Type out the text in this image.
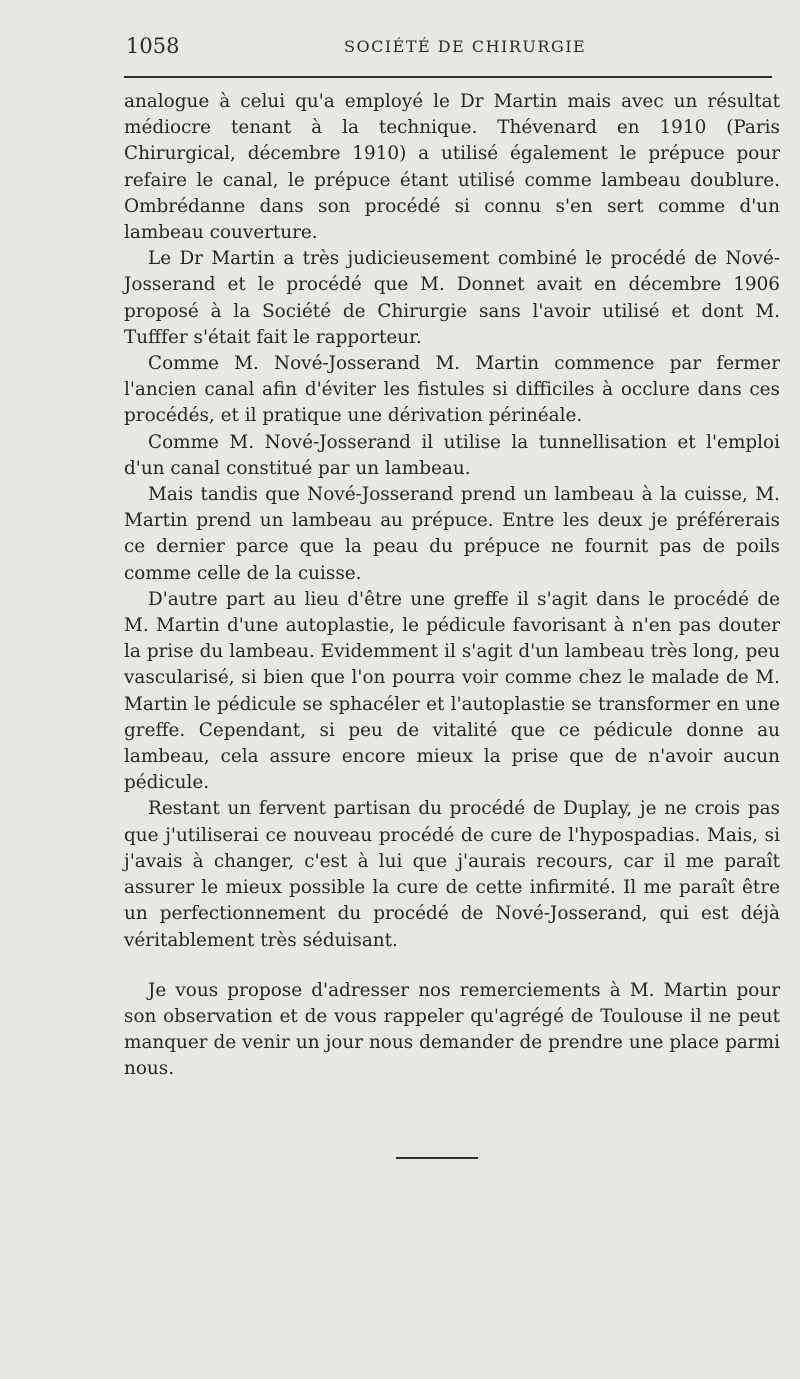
1058	SOCIÉTÉ DE CHIRURGIE

analogue à celui qu'a employé le Dr Martin mais avec un résultat médiocre tenant à la technique. Thévenard en 1910 (Paris Chirurgical, décembre 1910) a utilisé également le prépuce pour refaire le canal, le prépuce étant utilisé comme lambeau doublure. Ombrédanne dans son procédé si connu s'en sert comme d'un lambeau couverture.

Le Dr Martin a très judicieusement combiné le procédé de Nové-Josserand et le procédé que M. Donnet avait en décembre 1906 proposé à la Société de Chirurgie sans l'avoir utilisé et dont M. Tufffer s'était fait le rapporteur.

Comme M. Nové-Josserand M. Martin commence par fermer l'ancien canal afin d'éviter les fistules si difficiles à occlure dans ces procédés, et il pratique une dérivation périnéale.

Comme M. Nové-Josserand il utilise la tunnellisation et l'emploi d'un canal constitué par un lambeau.

Mais tandis que Nové-Josserand prend un lambeau à la cuisse, M. Martin prend un lambeau au prépuce. Entre les deux je préférerais ce dernier parce que la peau du prépuce ne fournit pas de poils comme celle de la cuisse.

D'autre part au lieu d'être une greffe il s'agit dans le procédé de M. Martin d'une autoplastie, le pédicule favorisant à n'en pas douter la prise du lambeau. Evidemment il s'agit d'un lambeau très long, peu vascularisé, si bien que l'on pourra voir comme chez le malade de M. Martin le pédicule se sphacéler et l'autoplastie se transformer en une greffe. Cependant, si peu de vitalité que ce pédicule donne au lambeau, cela assure encore mieux la prise que de n'avoir aucun pédicule.

Restant un fervent partisan du procédé de Duplay, je ne crois pas que j'utiliserai ce nouveau procédé de cure de l'hypospadias. Mais, si j'avais à changer, c'est à lui que j'aurais recours, car il me paraît assurer le mieux possible la cure de cette infirmité. Il me paraît être un perfectionnement du procédé de Nové-Josserand, qui est déjà véritablement très séduisant.

Je vous propose d'adresser nos remerciements à M. Martin pour son observation et de vous rappeler qu'agrégé de Toulouse il ne peut manquer de venir un jour nous demander de prendre une place parmi nous.
